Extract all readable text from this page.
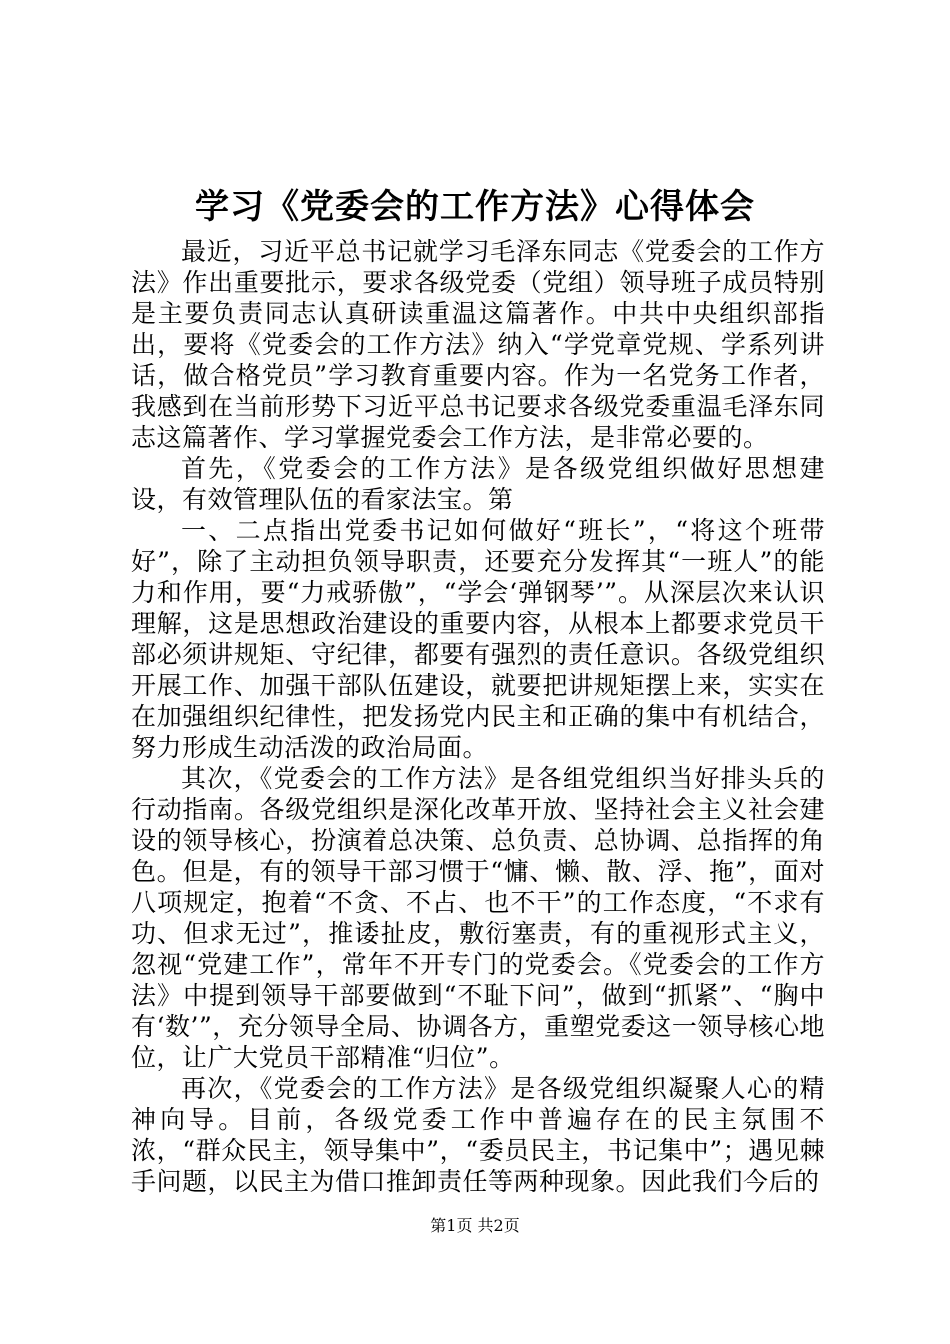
学习《党委会的工作方法》心得体会

最近，习近平总书记就学习毛泽东同志《党委会的工作方法》作出重要批示，要求各级党委（党组）领导班子成员特别是主要负责同志认真研读重温这篇著作。中共中央组织部指出，要将《党委会的工作方法》纳入“学党章党规、学系列讲话，做合格党员”学习教育重要内容。作为一名党务工作者，我感到在当前形势下习近平总书记要求各级党委重温毛泽东同志这篇著作、学习掌握党委会工作方法，是非常必要的。

首先，《党委会的工作方法》是各级党组织做好思想建设，有效管理队伍的看家法宝。第

一、二点指出党委书记如何做好“班长”，“将这个班带好”，除了主动担负领导职责，还要充分发挥其“一班人”的能力和作用，要“力戒骄傲”，“学会‘弹钢琴’”。从深层次来认识理解，这是思想政治建设的重要内容，从根本上都要求党员干部必须讲规矩、守纪律，都要有强烈的责任意识。各级党组织开展工作、加强干部队伍建设，就要把讲规矩摆上来，实实在在加强组织纪律性，把发扬党内民主和正确的集中有机结合，努力形成生动活泼的政治局面。

其次，《党委会的工作方法》是各组党组织当好排头兵的行动指南。各级党组织是深化改革开放、坚持社会主义社会建设的领导核心，扮演着总决策、总负责、总协调、总指挥的角色。但是，有的领导干部习惯于“慵、懒、散、浮、拖”，面对八项规定，抱着“不贪、不占、也不干”的工作态度，“不求有功、但求无过”，推诿扯皮，敷衍塞责，有的重视形式主义，忽视“党建工作”，常年不开专门的党委会。《党委会的工作方法》中提到领导干部要做到“不耻下问”，做到“抓紧”、“胸中有‘数’”，充分领导全局、协调各方，重塑党委这一领导核心地位，让广大党员干部精准“归位”。

再次，《党委会的工作方法》是各级党组织凝聚人心的精神向导。目前，各级党委工作中普遍存在的民主氛围不浓，“群众民主，领导集中”，“委员民主，书记集中”；遇见棘手问题，以民主为借口推卸责任等两种现象。因此我们今后的

第1页 共2页
